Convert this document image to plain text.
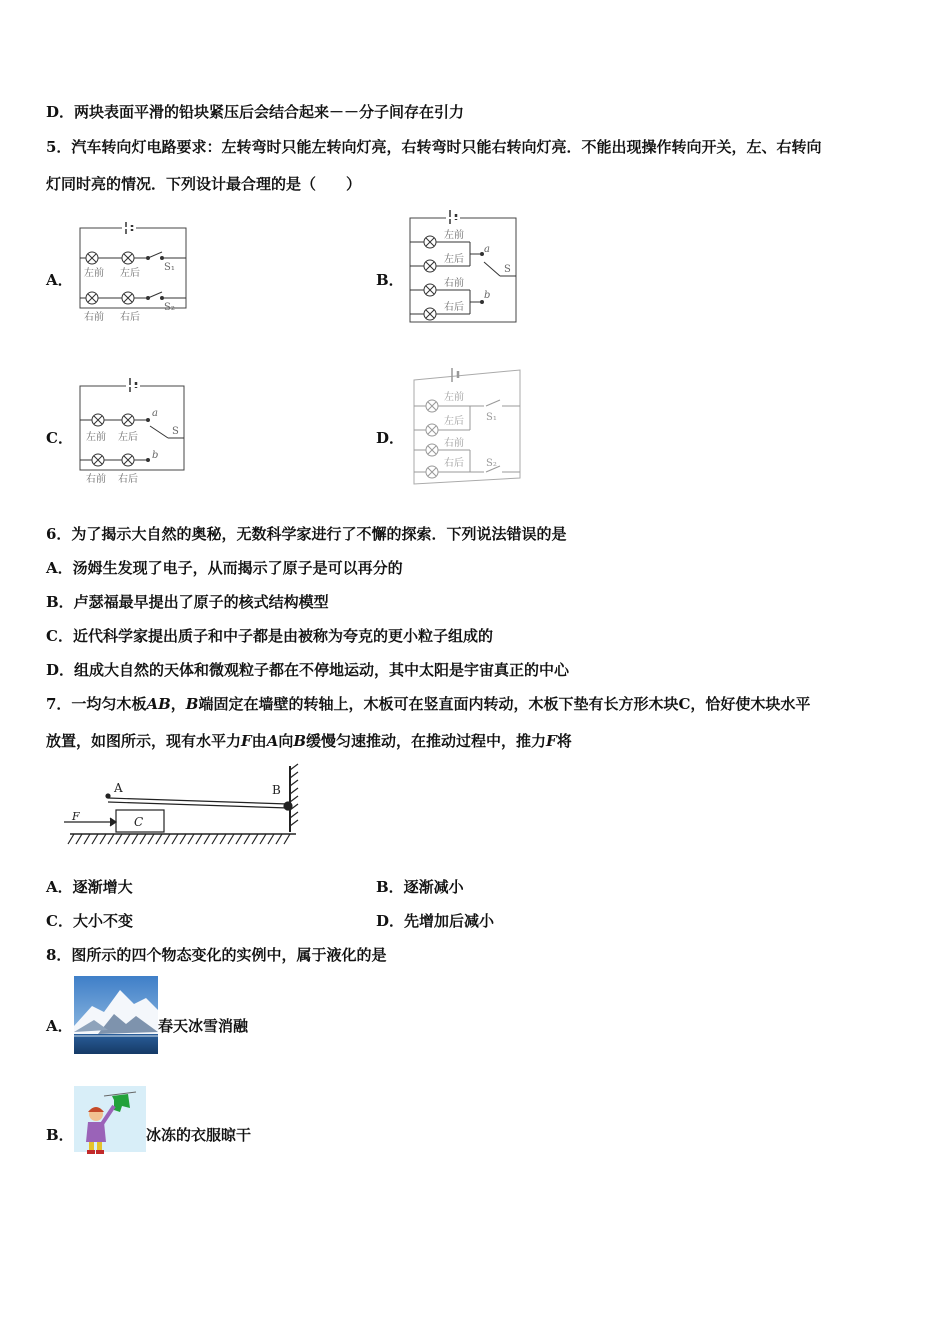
D．两块表面平滑的铅块紧压后会结合起来－－分子间存在引力
5．汽车转向灯电路要求：左转弯时只能左转向灯亮，右转弯时只能右转向灯亮．不能出现操作转向开关，左、右转向
灯同时亮的情况．下列设计最合理的是（　　）
A． 左前 左后
右前 右后
S₁
S₂
B．
左前
左后
右前
右后
a
b
S
C． 左前 左后
右前 右后
a
b
S	D．
左前
左后
右前
右后
S₁
S₂
6．为了揭示大自然的奥秘，无数科学家进行了不懈的探索．下列说法错误的是
A．汤姆生发现了电子，从而揭示了原子是可以再分的
B．卢瑟福最早提出了原子的核式结构模型
C．近代科学家提出质子和中子都是由被称为夸克的更小粒子组成的
D．组成大自然的天体和微观粒子都在不停地运动，其中太阳是宇宙真正的中心
7．一均匀木板AB，B端固定在墙壁的转轴上，木板可在竖直面内转动，木板下垫有长方形木块C，恰好使木块水平
放置，如图所示，现有水平力F由A向B缓慢匀速推动，在推动过程中，推力F将
A	B
C
F
A．逐渐增大	B．逐渐减小
C．大小不变	D．先增加后减小
8．图所示的四个物态变化的实例中，属于液化的是
A．	春天冰雪消融
B．	冰冻的衣服晾干
